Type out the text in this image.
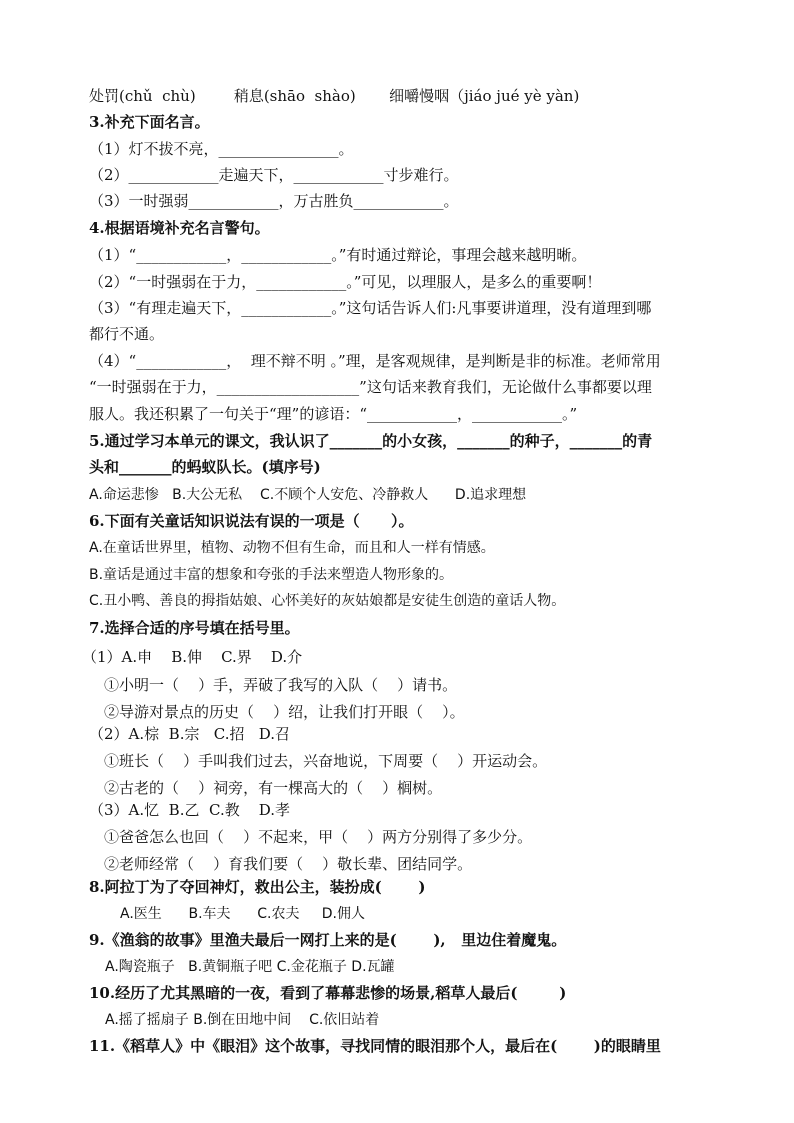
处罚(chǔ  chù)        稍息(shāo  shào)       细嚼慢咽（jiáo jué yè yàn)
3.补充下面名言。
（1）灯不拔不亮，________________。
（2）____________走遍天下，____________寸步难行。
（3）一时强弱____________，万古胜负____________。
4.根据语境补充名言警句。
（1）“____________，____________。”有时通过辩论，事理会越来越明晰。
（2）“一时强弱在于力，____________。”可见，以理服人，是多么的重要啊！
（3）“有理走遍天下，____________。”这句话告诉人们:凡事要讲道理，没有道理到哪
都行不通。
（4）“____________，  理不辩不明 。”理，是客观规律，是判断是非的标准。老师常用
“一时强弱在于力，___________________”这句话来教育我们，无论做什么事都要以理
服人。我还积累了一句关于“理”的谚语：“____________，____________。”
5.通过学习本单元的课文，我认识了_______的小女孩，_______的种子，_______的青
头和_______的蚂蚁队长。(填序号)
A.命运悲惨   B.大公无私    C.不顾个人安危、冷静救人      D.追求理想
6.下面有关童话知识说法有误的一项是（      ）。
A.在童话世界里，植物、动物不但有生命，而且和人一样有情感。
B.童话是通过丰富的想象和夸张的手法来塑造人物形象的。
C.丑小鸭、善良的拇指姑娘、心怀美好的灰姑娘都是安徒生创造的童话人物。
7.选择合适的序号填在括号里。
（1）A.申    B.伸    C.界    D.介
①小明一（    ）手，弄破了我写的入队（    ）请书。
②导游对景点的历史（    ）绍，让我们打开眼（    ）。
（2）A.棕  B.宗   C.招   D.召
①班长（    ）手叫我们过去，兴奋地说，下周要（    ）开运动会。
②古老的（    ）祠旁，有一棵高大的（    ）榈树。
（3）A.忆  B.乙  C.教    D.孝
①爸爸怎么也回（    ）不起来，甲（    ）两方分别得了多少分。
②老师经常（    ）育我们要（    ）敬长辈、团结同学。
8.阿拉丁为了夺回神灯，救出公主，装扮成(       )
A.医生      B.车夫      C.农夫     D.佣人
9.《渔翁的故事》里渔夫最后一网打上来的是(       ),   里边住着魔鬼。
A.陶瓷瓶子   B.黄铜瓶子吧 C.金花瓶子 D.瓦罐
10.经历了尤其黑暗的一夜，看到了幕幕悲惨的场景,稻草人最后(        )
A.摇了摇扇子 B.倒在田地中间    C.依旧站着
11.《稻草人》中《眼泪》这个故事，寻找同情的眼泪那个人，最后在(       )的眼睛里
